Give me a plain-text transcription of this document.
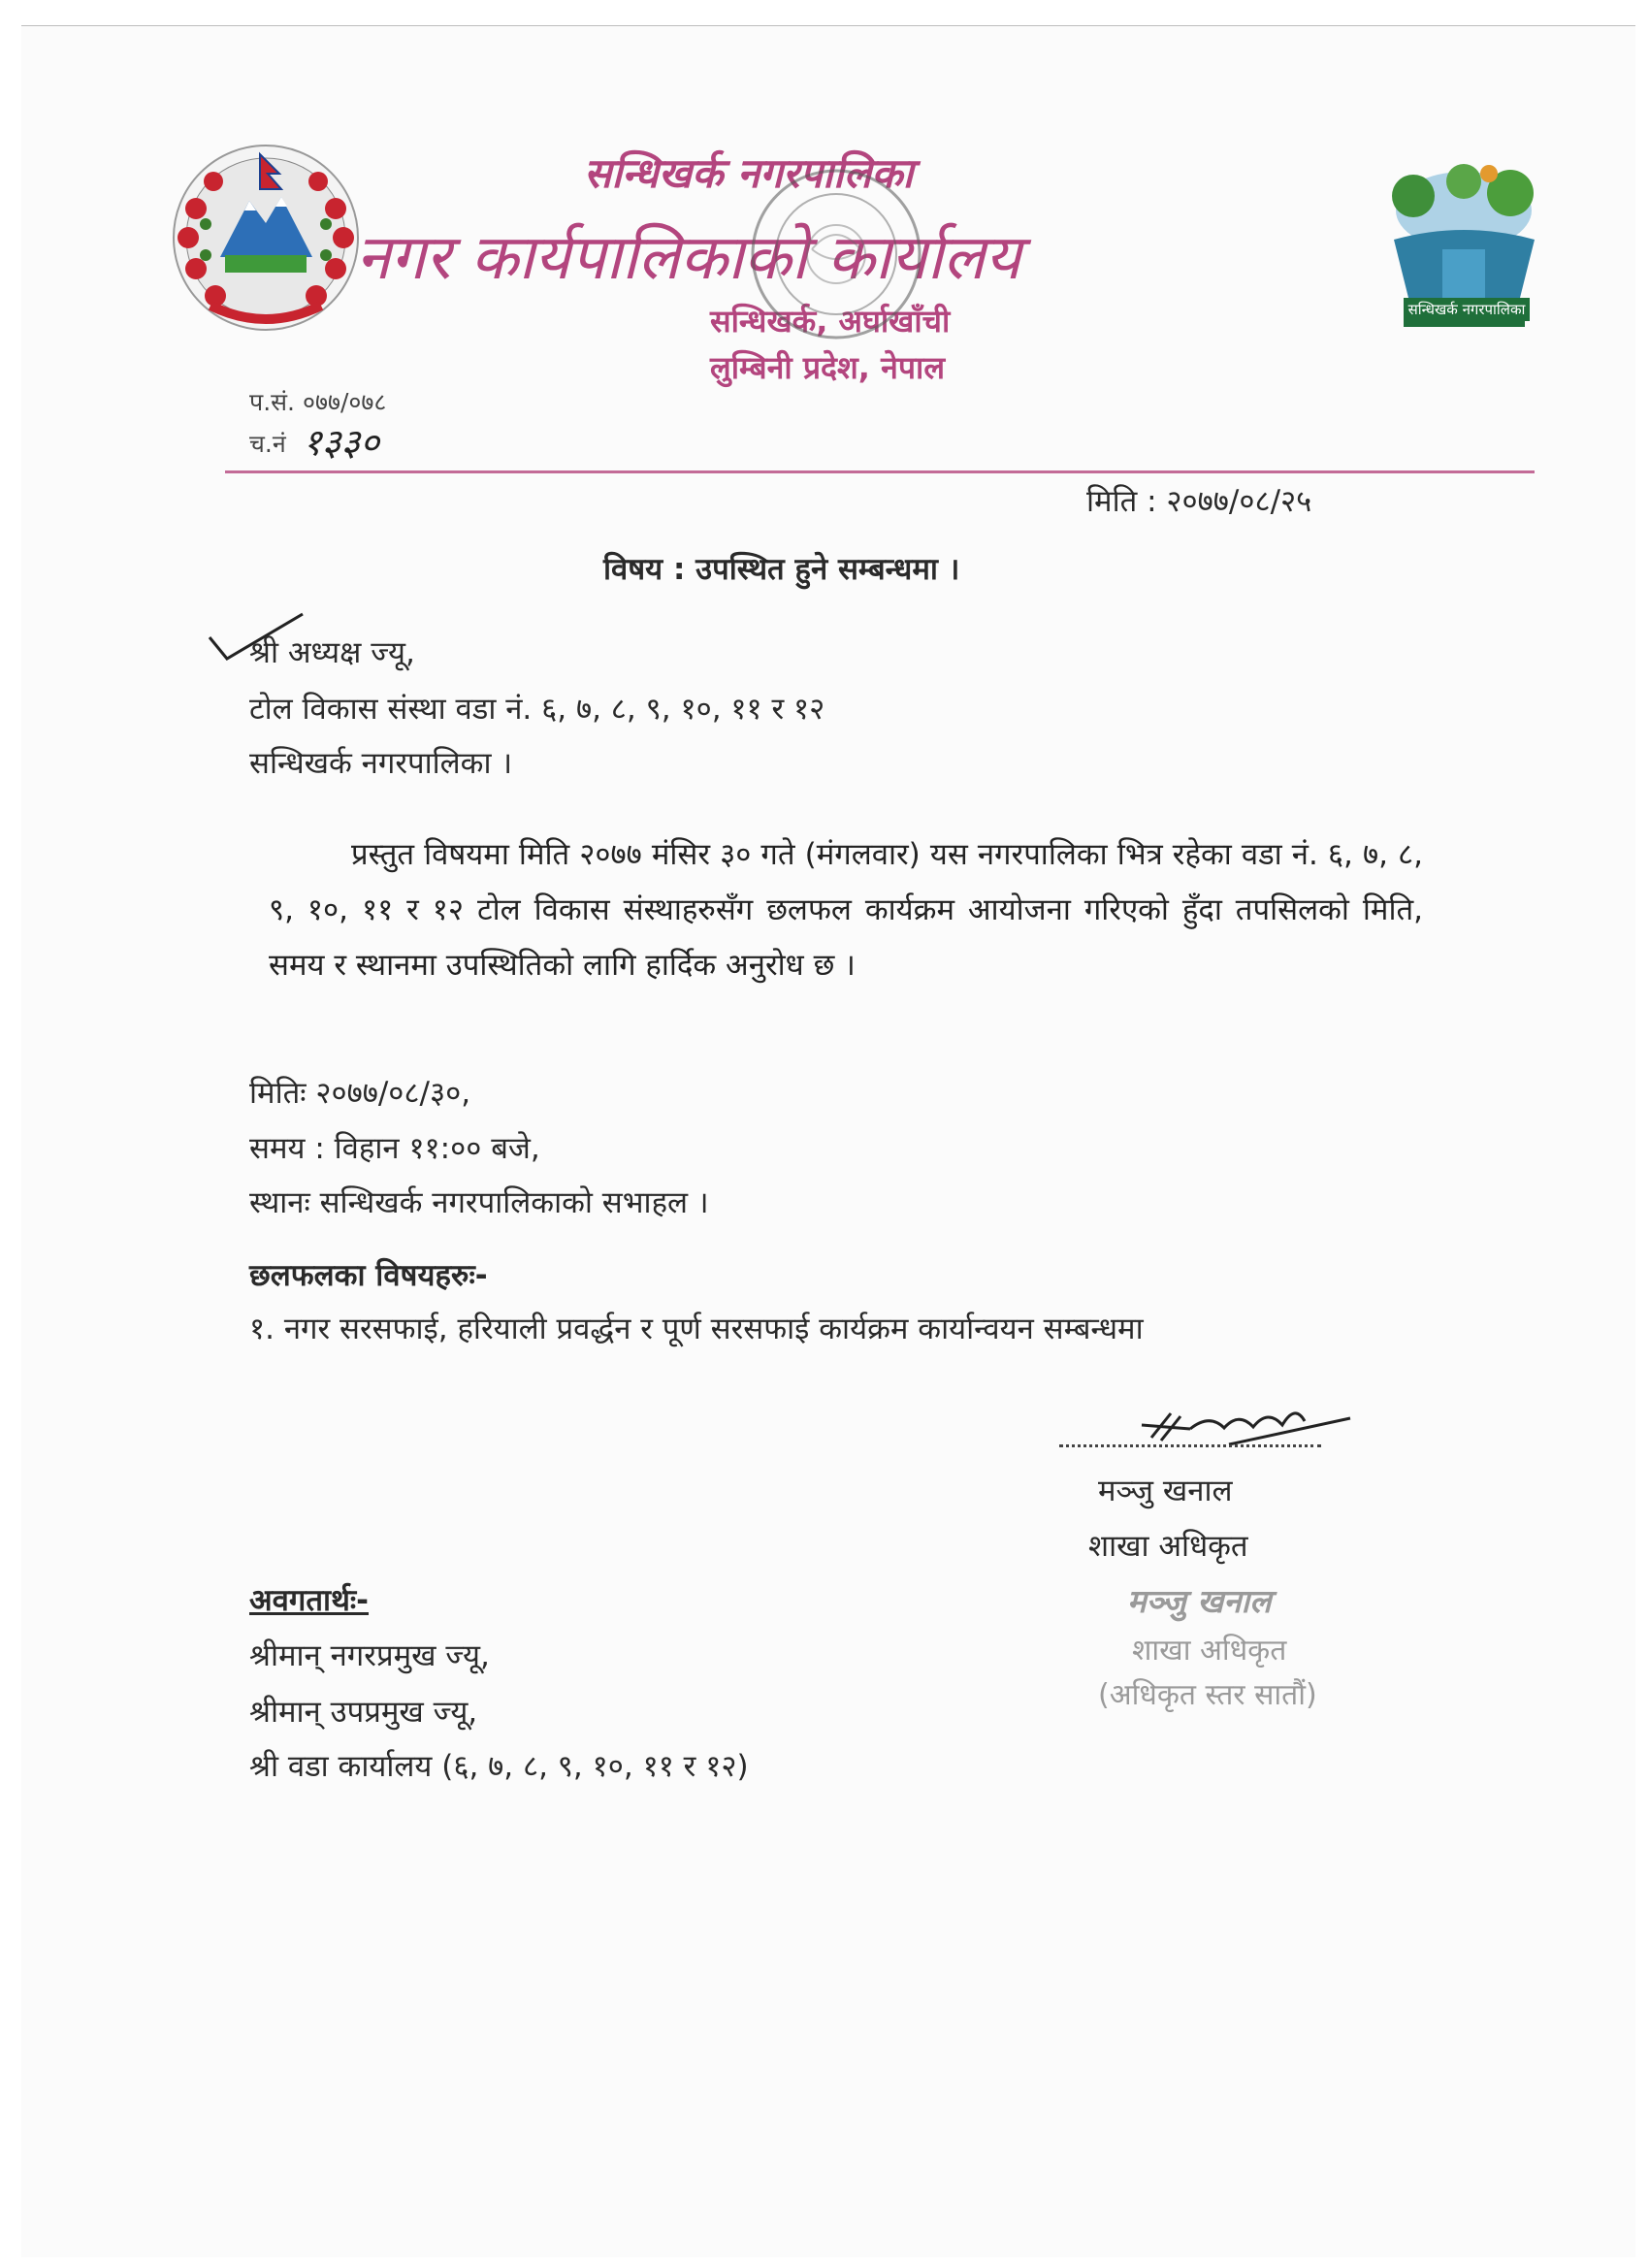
सन्धिखर्क नगरपालिका
नगर कार्यपालिकाको कार्यालय
सन्धिखर्क, अर्घाखाँची
लुम्बिनी प्रदेश, नेपाल
सन्धिखर्क नगरपालिका
प.सं. ०७७/०७८
च.नं १३३०
मिति : २०७७/०८/२५
विषय : उपस्थित हुने सम्बन्धमा ।
श्री अध्यक्ष ज्यू,
टोल विकास संस्था वडा नं. ६, ७, ८, ९, १०, ११ र १२
सन्धिखर्क नगरपालिका ।
प्रस्तुत विषयमा मिति २०७७ मंसिर ३० गते (मंगलवार) यस नगरपालिका भित्र रहेका वडा नं. ६, ७, ८, ९, १०, ११ र १२ टोल विकास संस्थाहरुसँग छलफल कार्यक्रम आयोजना गरिएको हुँदा तपसिलको मिति, समय र स्थानमा उपस्थितिको लागि हार्दिक अनुरोध छ ।
मितिः २०७७/०८/३०,
समय : विहान ११:०० बजे,
स्थानः सन्धिखर्क नगरपालिकाको सभाहल ।
छलफलका विषयहरुः-
१. नगर सरसफाई, हरियाली प्रवर्द्धन र पूर्ण सरसफाई कार्यक्रम कार्यान्वयन सम्बन्धमा
मञ्जु खनाल
शाखा अधिकृत
मञ्जु खनाल
शाखा अधिकृत
(अधिकृत स्तर सातौं)
अवगतार्थः-
श्रीमान् नगरप्रमुख ज्यू,
श्रीमान् उपप्रमुख ज्यू,
श्री वडा कार्यालय (६, ७, ८, ९, १०, ११ र १२)
